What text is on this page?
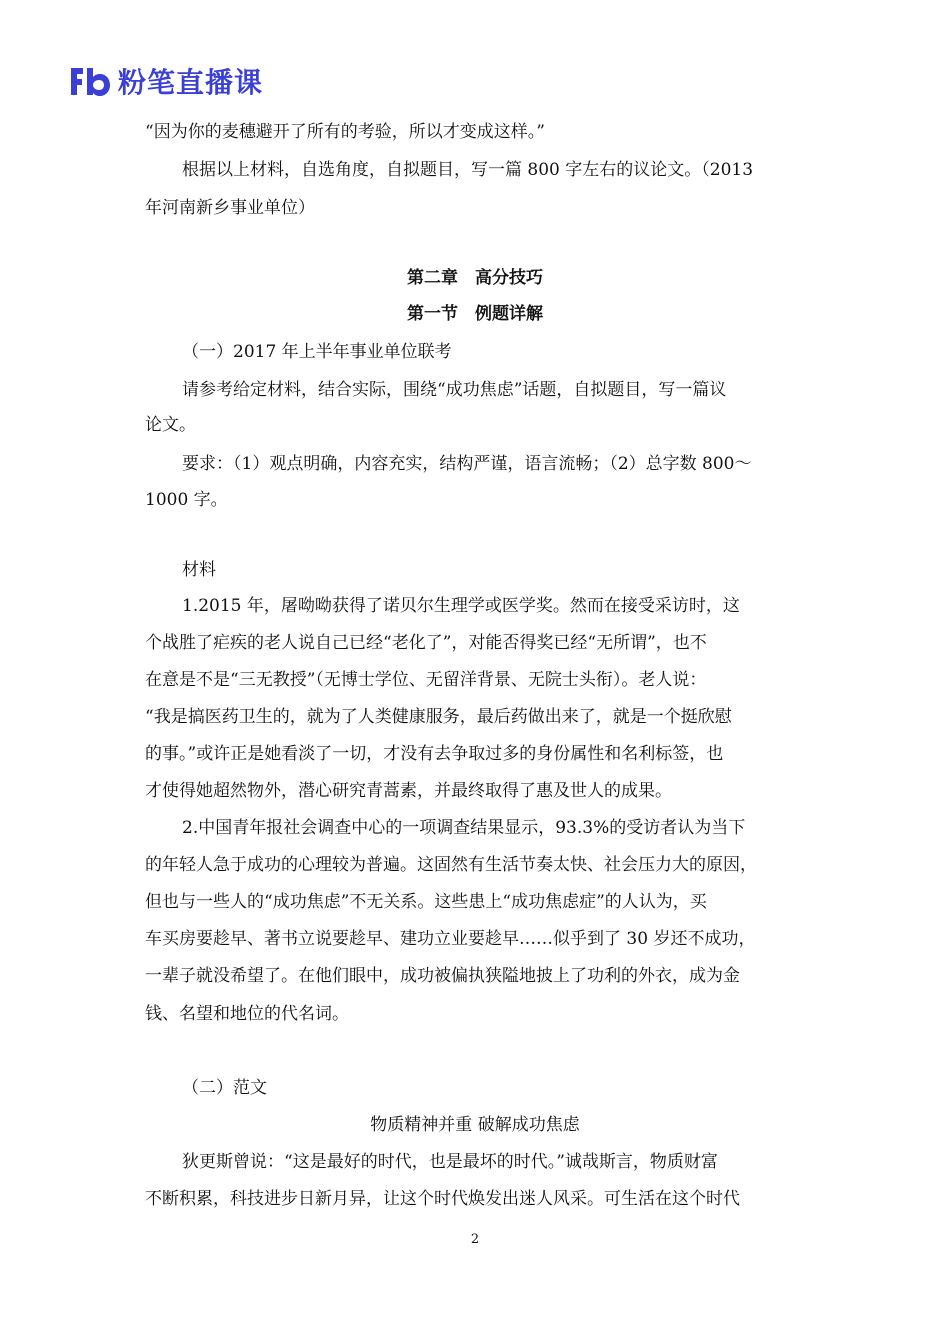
粉笔直播课
“因为你的麦穗避开了所有的考验，所以才变成这样。”
根据以上材料，自选角度，自拟题目，写一篇 800 字左右的议论文。（2013
年河南新乡事业单位）
第二章　高分技巧
第一节　例题详解
（一）2017 年上半年事业单位联考
请参考给定材料，结合实际，围绕“成功焦虑”话题，自拟题目，写一篇议
论文。
要求：（1）观点明确，内容充实，结构严谨，语言流畅；（2）总字数 800～
1000 字。
材料
1.2015 年，屠呦呦获得了诺贝尔生理学或医学奖。然而在接受采访时，这
个战胜了疟疾的老人说自己已经“老化了”，对能否得奖已经“无所谓”，也不
在意是不是“三无教授”（无博士学位、无留洋背景、无院士头衔）。老人说：
“我是搞医药卫生的，就为了人类健康服务，最后药做出来了，就是一个挺欣慰
的事。”或许正是她看淡了一切，才没有去争取过多的身份属性和名利标签，也
才使得她超然物外，潜心研究青蒿素，并最终取得了惠及世人的成果。
2.中国青年报社会调查中心的一项调查结果显示，93.3%的受访者认为当下
的年轻人急于成功的心理较为普遍。这固然有生活节奏太快、社会压力大的原因，
但也与一些人的“成功焦虑”不无关系。这些患上“成功焦虑症”的人认为，买
车买房要趁早、著书立说要趁早、建功立业要趁早……似乎到了 30 岁还不成功，
一辈子就没希望了。在他们眼中，成功被偏执狭隘地披上了功利的外衣，成为金
钱、名望和地位的代名词。
（二）范文
物质精神并重 破解成功焦虑
狄更斯曾说：“这是最好的时代，也是最坏的时代。”诚哉斯言，物质财富
不断积累，科技进步日新月异，让这个时代焕发出迷人风采。可生活在这个时代
2
